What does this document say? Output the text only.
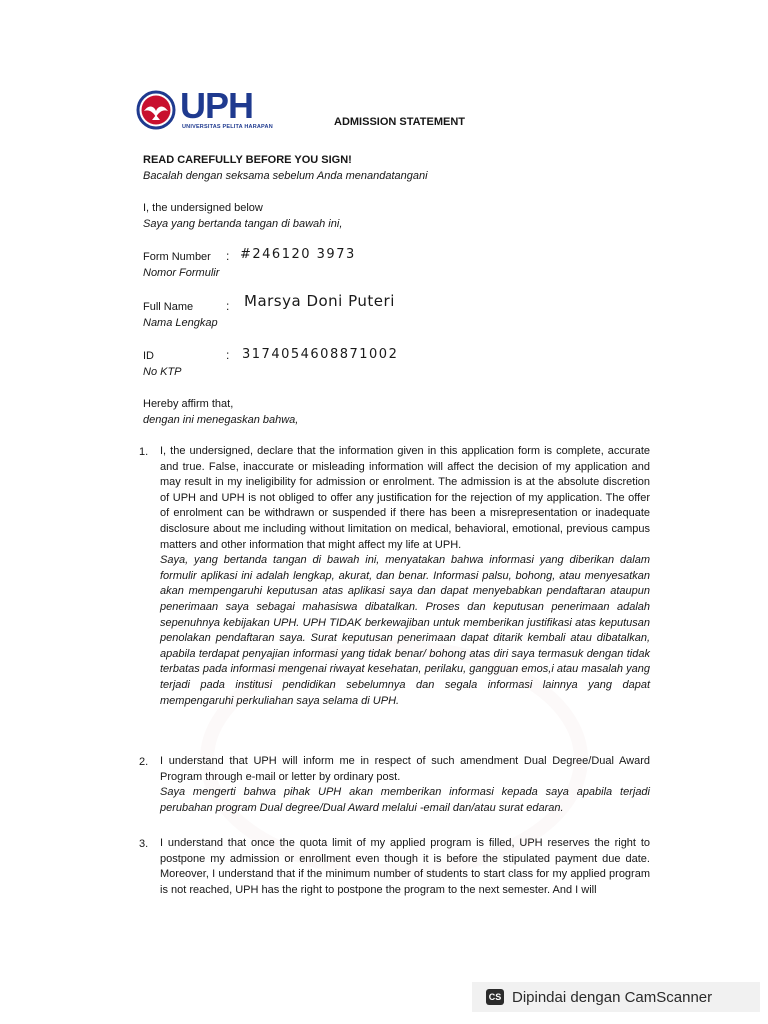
UPH
UNIVERSITAS PELITA HARAPAN	ADMISSION STATEMENT
READ CAREFULLY BEFORE YOU SIGN!
Bacalah dengan seksama sebelum Anda menandatangani
I, the undersigned below
Saya yang bertanda tangan di bawah ini,
Form Number
Nomor Formulir
: #246120 3973
Full Name
Nama Lengkap
: Marsya Doni Puteri
ID
No KTP
: 3174054608871002
Hereby affirm that,
dengan ini menegaskan bahwa,
1. I, the undersigned, declare that the information given in this application form is complete, accurate and true. False, inaccurate or misleading information will affect the decision of my application and may result in my ineligibility for admission or enrolment. The admission is at the absolute discretion of UPH and UPH is not obliged to offer any justification for the rejection of my application. The offer of enrolment can be withdrawn or suspended if there has been a misrepresentation or inadequate disclosure about me including without limitation on medical, behavioral, emotional, previous campus matters and other information that might affect my life at UPH.

Saya, yang bertanda tangan di bawah ini, menyatakan bahwa informasi yang diberikan dalam formulir aplikasi ini adalah lengkap, akurat, dan benar. Informasi palsu, bohong, atau menyesatkan akan mempengaruhi keputusan atas aplikasi saya dan dapat menyebabkan pendaftaran ataupun penerimaan saya sebagai mahasiswa dibatalkan. Proses dan keputusan penerimaan adalah sepenuhnya kebijakan UPH. UPH TIDAK berkewajiban untuk memberikan justifikasi atas keputusan penolakan pendaftaran saya. Surat keputusan penerimaan dapat ditarik kembali atau dibatalkan, apabila terdapat penyajian informasi yang tidak benar/ bohong atas diri saya termasuk dengan tidak terbatas pada informasi mengenai riwayat kesehatan, perilaku, gangguan emos,i atau masalah yang terjadi pada institusi pendidikan sebelumnya dan segala informasi lainnya yang dapat mempengaruhi perkuliahan saya selama di UPH.

2. I understand that UPH will inform me in respect of such amendment Dual Degree/Dual Award Program through e-mail or letter by ordinary post.

Saya mengerti bahwa pihak UPH akan memberikan informasi kepada saya apabila terjadi perubahan program Dual degree/Dual Award melalui -email dan/atau surat edaran.

3. I understand that once the quota limit of my applied program is filled, UPH reserves the right to postpone my admission or enrollment even though it is before the stipulated payment due date. Moreover, I understand that if the minimum number of students to start class for my applied program is not reached, UPH has the right to postpone the program to the next semester. And I will

CS Dipindai dengan CamScanner
